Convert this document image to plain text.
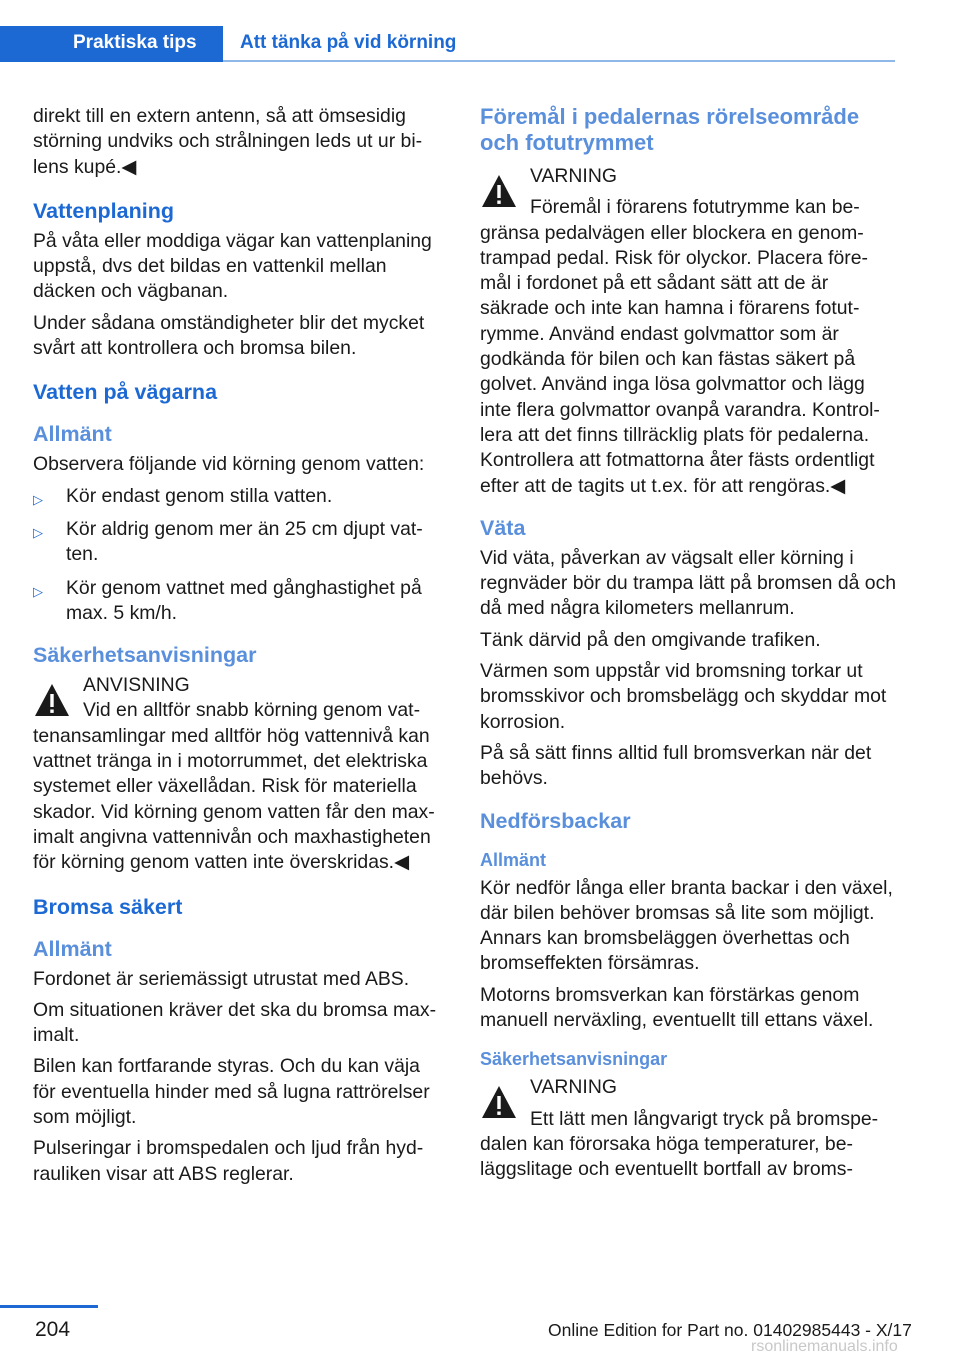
Praktiska tips Att tänka på vid körning

direkt till en extern antenn, så att ömsesidig störning undviks och strålningen leds ut ur bi-lens kupé.◀

Vattenplaning

På våta eller moddiga vägar kan vattenplaning uppstå, dvs det bildas en vattenkil mellan däcken och vägbanan.

Under sådana omständigheter blir det mycket svårt att kontrollera och bromsa bilen.

Vatten på vägarna
Allmänt

Observera följande vid körning genom vatten:

▷ Kör endast genom stilla vatten.
▷ Kör aldrig genom mer än 25 cm djupt vat-ten.
▷ Kör genom vattnet med gånghastighet på max. 5 km/h.
Säkerhetsanvisningar
ANVISNING

Vid en alltför snabb körning genom vat-tenansamlingar med alltför hög vattennivå kan vattnet tränga in i motorrummet, det elektriska systemet eller växellådan. Risk för materiella skador. Vid körning genom vatten får den max-imalt angivna vattennivån och maxhastigheten för körning genom vatten inte överskridas.◀

Bromsa säkert
Allmänt

Fordonet är seriemässigt utrustat med ABS.

Om situationen kräver det ska du bromsa max-imalt.

Bilen kan fortfarande styras. Och du kan väja för eventuella hinder med så lugna rattrörelser som möjligt.

Pulseringar i bromspedalen och ljud från hyd-rauliken visar att ABS reglerar.

Föremål i pedalernas rörelseområde och fotutrymmet
VARNING
Föremål i förarens fotutrymme kan be-

gränsa pedalvägen eller blockera en genom-trampad pedal. Risk för olyckor. Placera före-mål i fordonet på ett sådant sätt att de är säkrade och inte kan hamna i förarens fotut-rymme. Använd endast golvmattor som är godkända för bilen och kan fästas säkert på golvet. Använd inga lösa golvmattor och lägg inte flera golvmattor ovanpå varandra. Kontrol-lera att det finns tillräcklig plats för pedalerna. Kontrollera att fotmattorna åter fästs ordentligt efter att de tagits ut t.ex. för att rengöras.◀

Väta

Vid väta, påverkan av vägsalt eller körning i regnväder bör du trampa lätt på bromsen då och då med några kilometers mellanrum.

Tänk därvid på den omgivande trafiken.

Värmen som uppstår vid bromsning torkar ut bromsskivor och bromsbelägg och skyddar mot korrosion.

På så sätt finns alltid full bromsverkan när det behövs.

Nedförsbackar
Allmänt

Kör nedför långa eller branta backar i den växel, där bilen behöver bromsas så lite som möjligt. Annars kan bromsbeläggen överhettas och bromseffekten försämras.

Motorns bromsverkan kan förstärkas genom manuell nerväxling, eventuellt till ettans växel.

Säkerhetsanvisningar
VARNING
Ett lätt men långvarigt tryck på bromspe-

dalen kan förorsaka höga temperaturer, be-läggslitage och eventuellt bortfall av broms-

204	Online Edition for Part no. 01402985443 - X/17
rsonlinemanuals.info
